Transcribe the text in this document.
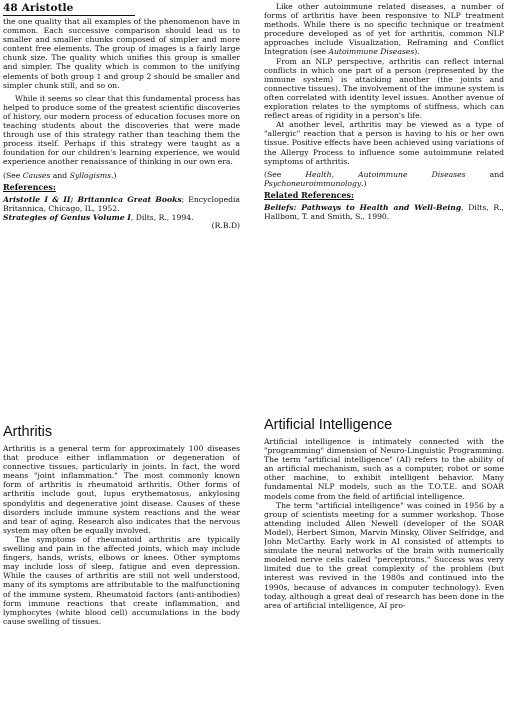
48 Aristotle

the one quality that all examples of the phenomenon have in common. Each successive comparison should lead us to smaller and smaller chunks composed of simpler and more content free elements. The group of images is a fairly large chunk size. The quality which unifies this group is smaller and simpler. The quality which is common to the unifying elements of both group 1 and group 2 should be smaller and simpler chunk still, and so on.

While it seems so clear that this fundamental process has helped to produce some of the greatest scientific discoveries of history, our modern process of education focuses more on teaching students about the discoveries that were made through use of this strategy rather than teaching them the process itself. Perhaps if this strategy were taught as a foundation for our children's learning experience, we would experience another renaissance of thinking in our own era.

(See Causes and Syllogisms.)

References:

Aristotle I & II; Britannica Great Books; Encyclopedia Britannica, Chicago, IL, 1952.

Strategies of Genius Volume I, Dilts, R., 1994.

(R.B.D)
Arthritis

Arthritis is a general term for approximately 100 diseases that produce either inflammation or degeneration of connective tissues, particularly in joints. In fact, the word means "joint inflammation." The most commonly known form of arthritis is rheumatoid arthritis. Other forms of arthritis include gout, lupus erythematosus, ankylosing spondylitis and degenerative joint disease. Causes of these disorders include immune system reactions and the wear and tear of aging. Research also indicates that the nervous system may often be equally involved.

The symptoms of rheumatoid arthritis are typically swelling and pain in the affected joints, which may include fingers, hands, wrists, elbows or knees. Other symptoms may include loss of sleep, fatigue and even depression. While the causes of arthritis are still not well understood, many of its symptoms are attributable to the malfunctioning of the immune system. Rheumatoid factors (anti-antibodies) form immune reactions that create inflammation, and lymphocytes (white blood cell) accumulations in the body cause swelling of tissues.

Like other autoimmune related diseases, a number of forms of arthritis have been responsive to NLP treatment methods. While there is no specific technique or treatment procedure developed as of yet for arthritis, common NLP approaches include Visualization, Reframing and Conflict Integration (see Autoimmune Diseases).

From an NLP perspective, arthritis can reflect internal conflicts in which one part of a person (represented by the immune system) is attacking another (the joints and connective tissues). The involvement of the immune system is often correlated with identity level issues. Another avenue of exploration relates to the symptoms of stiffness, which can reflect areas of rigidity in a person's life.

At another level, arthritis may be viewed as a type of "allergic" reaction that a person is having to his or her own tissue. Positive effects have been achieved using variations of the Allergy Process to influence some autoimmune related symptoms of arthritis.

(See Health, Autoimmune Diseases and Psychoneuroimmunology.)

Related References:

Beliefs: Pathways to Health and Well-Being, Dilts, R., Hallbom, T. and Smith, S., 1990.

Artificial Intelligence

Artificial intelligence is intimately connected with the "programming" dimension of Neuro-Linguistic Programming. The term "artificial intelligence" (AI) refers to the ability of an artificial mechanism, such as a computer, robot or some other machine, to exhibit intelligent behavior. Many fundamental NLP models, such as the T.O.T.E. and SOAR models come from the field of artificial intelligence.

The term "artificial intelligence" was coined in 1956 by a group of scientists meeting for a summer workshop. Those attending included Allen Newell (developer of the SOAR Model), Herbert Simon, Marvin Minsky, Oliver Selfridge, and John McCarthy. Early work in AI consisted of attempts to simulate the neural networks of the brain with numerically modeled nerve cells called "perceptrons." Success was very limited due to the great complexity of the problem (but interest was revived in the 1980s and continued into the 1990s, because of advances in computer technology). Even today, although a great deal of research has been done in the area of artificial intelligence, AI pro-
